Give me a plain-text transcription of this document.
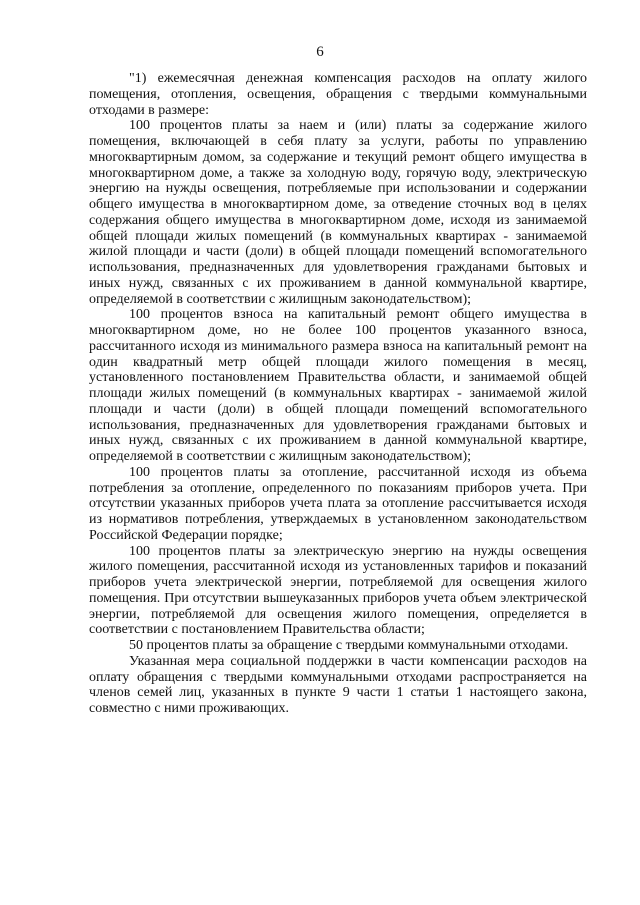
6

"1) ежемесячная денежная компенсация расходов на оплату жилого помещения, отопления, освещения, обращения с твердыми коммунальными отходами в размере:

100 процентов платы за наем и (или) платы за содержание жилого помещения, включающей в себя плату за услуги, работы по управлению многоквартирным домом, за содержание и текущий ремонт общего имущества в многоквартирном доме, а также за холодную воду, горячую воду, электрическую энергию на нужды освещения, потребляемые при использовании и содержании общего имущества в многоквартирном доме, за отведение сточных вод в целях содержания общего имущества в многоквартирном доме, исходя из занимаемой общей площади жилых помещений (в коммунальных квартирах - занимаемой жилой площади и части (доли) в общей площади помещений вспомогательного использования, предназначенных для удовлетворения гражданами бытовых и иных нужд, связанных с их проживанием в данной коммунальной квартире, определяемой в соответствии с жилищным законодательством);

100 процентов взноса на капитальный ремонт общего имущества в многоквартирном доме, но не более 100 процентов указанного взноса, рассчитанного исходя из минимального размера взноса на капитальный ремонт на один квадратный метр общей площади жилого помещения в месяц, установленного постановлением Правительства области, и занимаемой общей площади жилых помещений (в коммунальных квартирах - занимаемой жилой площади и части (доли) в общей площади помещений вспомогательного использования, предназначенных для удовлетворения гражданами бытовых и иных нужд, связанных с их проживанием в данной коммунальной квартире, определяемой в соответствии с жилищным законодательством);

100 процентов платы за отопление, рассчитанной исходя из объема потребления за отопление, определенного по показаниям приборов учета. При отсутствии указанных приборов учета плата за отопление рассчитывается исходя из нормативов потребления, утверждаемых в установленном законодательством Российской Федерации порядке;

100 процентов платы за электрическую энергию на нужды освещения жилого помещения, рассчитанной исходя из установленных тарифов и показаний приборов учета электрической энергии, потребляемой для освещения жилого помещения. При отсутствии вышеуказанных приборов учета объем электрической энергии, потребляемой для освещения жилого помещения, определяется в соответствии с постановлением Правительства области;

50 процентов платы за обращение с твердыми коммунальными отходами.

Указанная мера социальной поддержки в части компенсации расходов на оплату обращения с твердыми коммунальными отходами распространяется на членов семей лиц, указанных в пункте 9 части 1 статьи 1 настоящего закона, совместно с ними проживающих.
